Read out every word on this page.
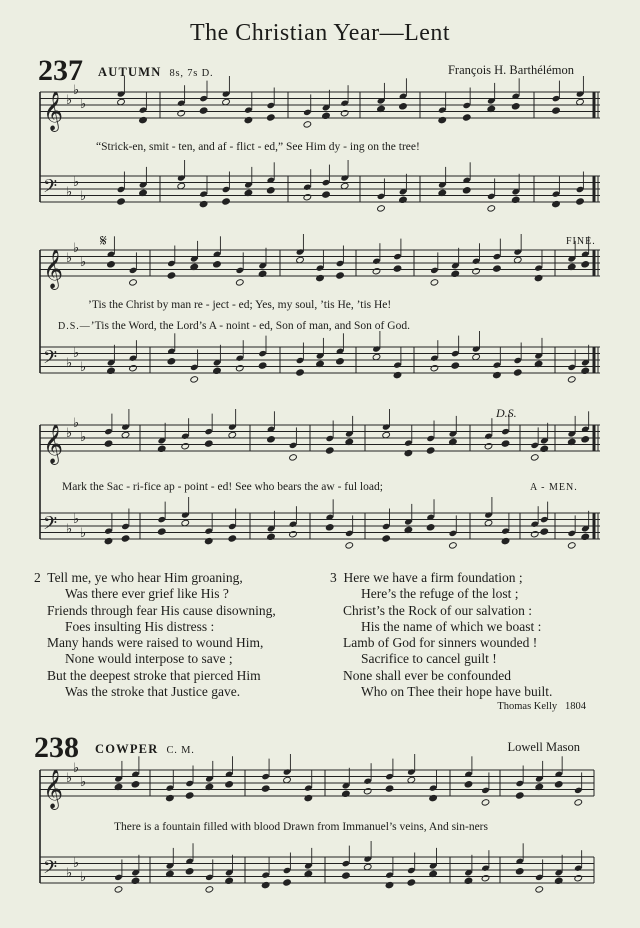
The Christian Year—Lent
237 AUTUMN 8s, 7s D.	François H. Barthélémon
𝄞 ♭
♭
♭
𝄢 ♭
♭
♭
𝄞 ♭
♭
♭
𝄢 ♭
♭
♭
𝄞 ♭
♭
♭
𝄢 ♭
♭
♭
𝄞 ♭
♭
♭
𝄢 ♭
♭
♭
“Strick-en, smit - ten, and af - flict - ed,” See Him dy - ing on the tree!
𝄋	FINE.
’Tis the Christ by man re - ject - ed; Yes, my soul, ’tis He, ’tis He!
D.S.—’Tis the Word, the Lord’s A - noint - ed, Son of man, and Son of God.
D.S.
Mark the Sac - ri-fice ap - point - ed! See who bears the aw - ful load;	A - MEN.
2 Tell me, ye who hear Him groaning,
Was there ever grief like His ?
Friends through fear His cause disowning,
Foes insulting His distress :
Many hands were raised to wound Him,
None would interpose to save ;
But the deepest stroke that pierced Him
Was the stroke that Justice gave.
3 Here we have a firm foundation ;
Here’s the refuge of the lost ;
Christ’s the Rock of our salvation :
His the name of which we boast :
Lamb of God for sinners wounded !
Sacrifice to cancel guilt !
None shall ever be confounded
Who on Thee their hope have built.
Thomas Kelly 1804
238 COWPER C. M.	Lowell Mason
There is a fountain filled with blood Drawn from Immanuel’s veins, And sin-ners
